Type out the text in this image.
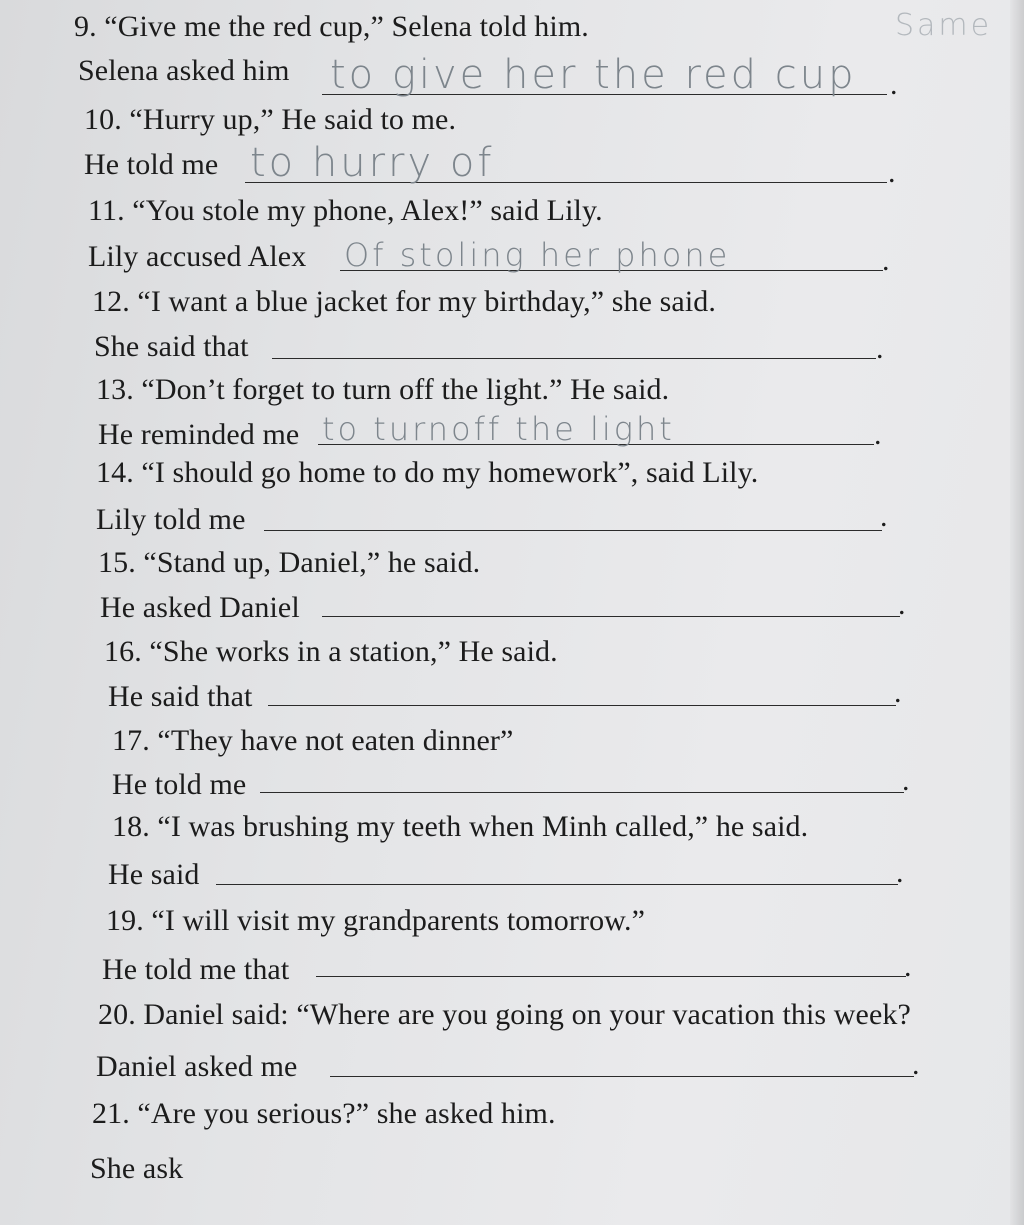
Same
9. “Give me the red cup,” Selena told him.
Selena asked him to give her the red cup .
10. “Hurry up,” He said to me.
He told me to hurry of	.
11. “You stole my phone, Alex!” said Lily.
Lily accused Alex Of stoling her phone	.
12. “I want a blue jacket for my birthday,” she said.
She said that	.
13. “Don’t forget to turn off the light.” He said.
He reminded me to turnoff the light	.
14. “I should go home to do my homework”, said Lily.
Lily told me	.
15. “Stand up, Daniel,” he said.
He asked Daniel	.
16. “She works in a station,” He said.
He said that	.
17. “They have not eaten dinner”
He told me	.
18. “I was brushing my teeth when Minh called,” he said.
He said	.
19. “I will visit my grandparents tomorrow.”
He told me that	.
20. Daniel said: “Where are you going on your vacation this week?
Daniel asked me	.
21. “Are you serious?” she asked him.
She ask
